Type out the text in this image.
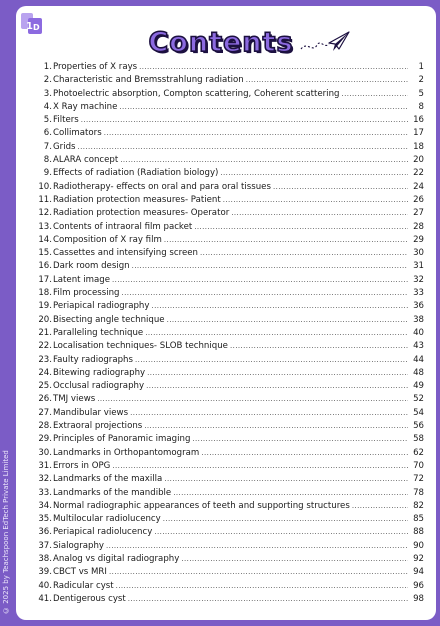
1 D	Contents
1. Properties of X rays .....	1
2. Characteristic and Bremsstrahlung radiation .....	2
3. Photoelectric absorption, Compton scattering, Coherent scattering .....	5
4. X Ray machine .....	8
5. Filters .....	16
6. Collimators .....	17
7. Grids .....	18
8. ALARA concept .....	20
9. Effects of radiation (Radiation biology) .....	22
10. Radiotherapy- effects on oral and para oral tissues .....	24
11. Radiation protection measures- Patient .....	26
12. Radiation protection measures- Operator .....	27
13. Contents of intraoral film packet .....	28
14. Composition of X ray film .....	29
15. Cassettes and intensifying screen .....	30
16. Dark room design .....	31
17. Latent image .....	32
18. Film processing .....	33
19. Periapical radiography .....	36
20. Bisecting angle technique .....	38
21. Paralleling technique .....	40
22. Localisation techniques- SLOB technique .....	43
23. Faulty radiographs .....	44
24. Bitewing radiography .....	48
25. Occlusal radiography .....	49
26. TMJ views .....	52
27. Mandibular views .....	54
28. Extraoral projections .....	56
29. Principles of Panoramic imaging .....	58
30. Landmarks in Orthopantomogram .....	62
31. Errors in OPG .....	70
32. Landmarks of the maxilla .....	72
33. Landmarks of the mandible .....	78
34. Normal radiographic appearances of teeth and supporting structures .....	82
35. Multilocular radiolucency .....	85
36. Periapical radiolucency .....	88
37. Sialography .....	90
38. Analog vs digital radiography .....	92
39. CBCT vs MRI .....	94
40. Radicular cyst .....	96
41. Dentigerous cyst .....	98
© 2025 by Teachspoon EdTech Private Limited
